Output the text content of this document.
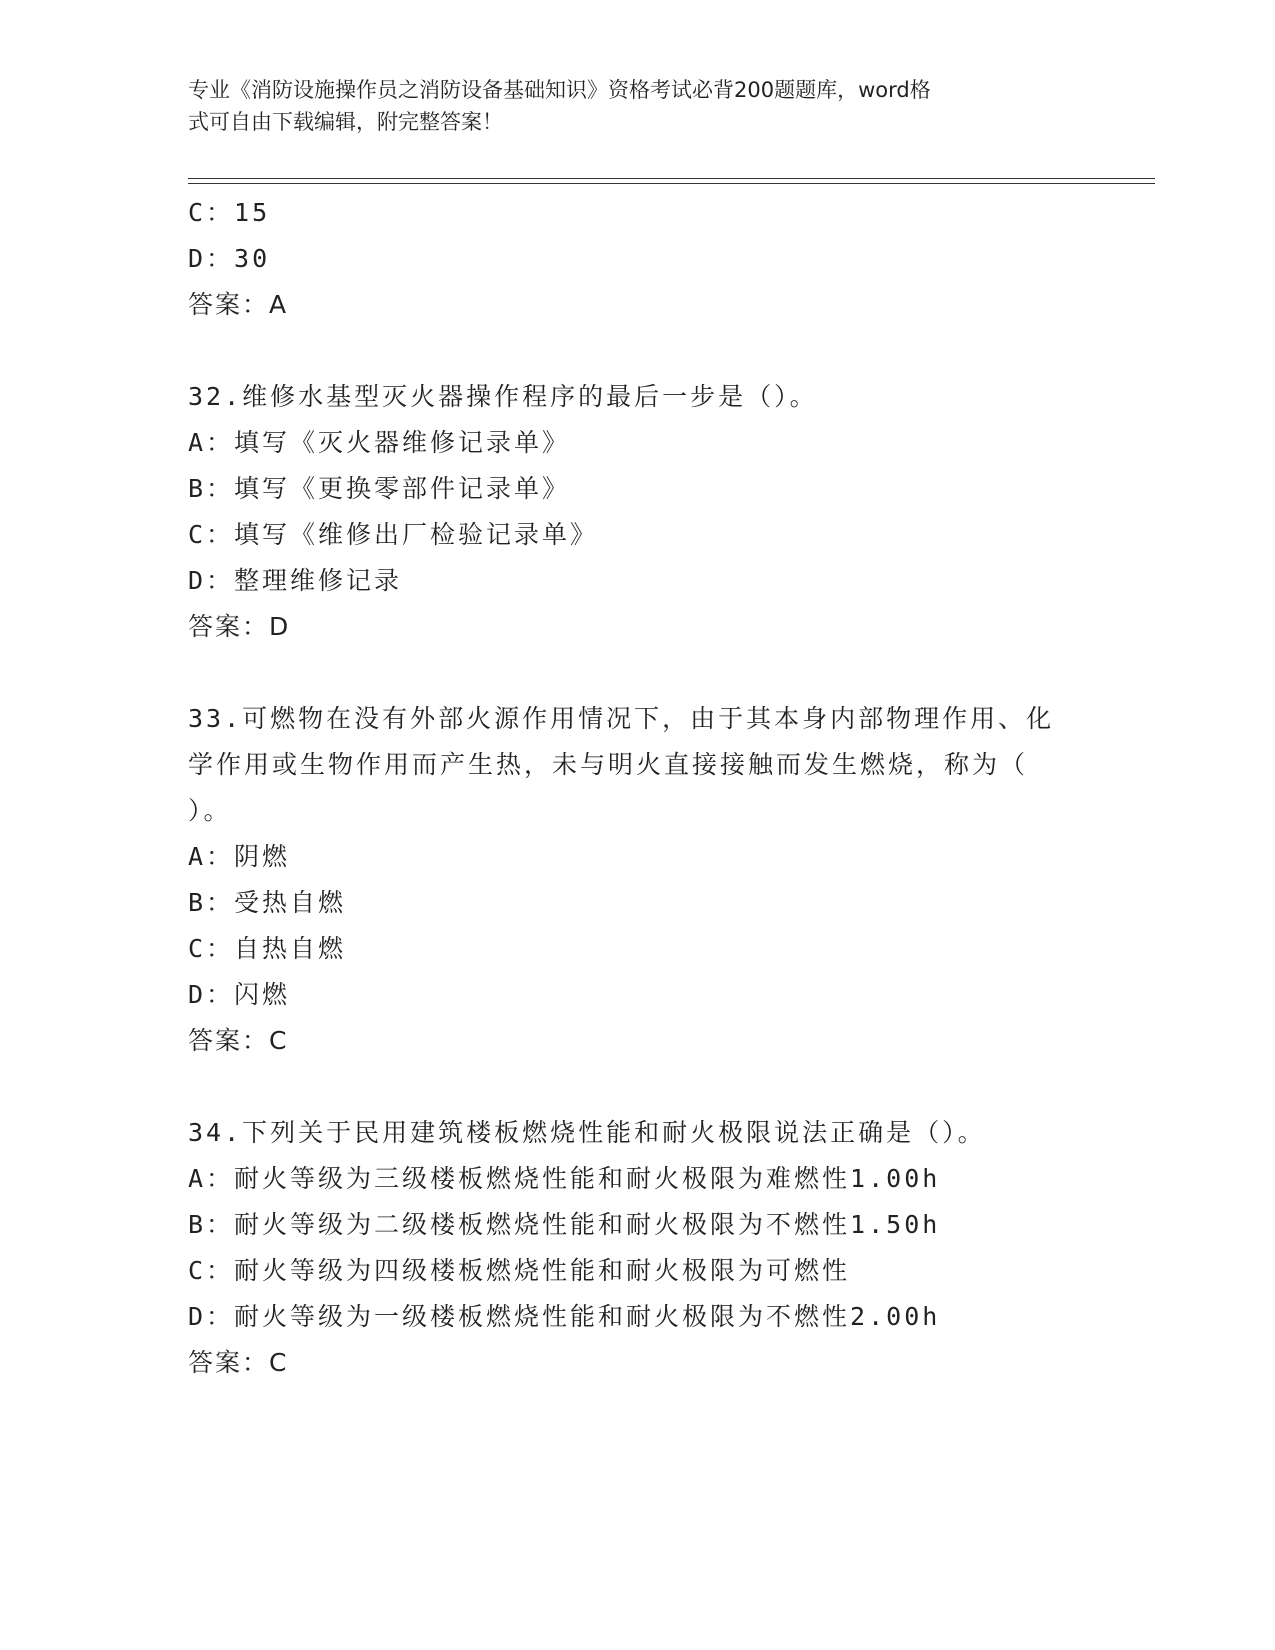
专业《消防设施操作员之消防设备基础知识》资格考试必背200题题库，word格
式可自由下载编辑，附完整答案！
C：15
D：30
答案：A
32.维修水基型灭火器操作程序的最后一步是（）。
A：填写《灭火器维修记录单》
B：填写《更换零部件记录单》
C：填写《维修出厂检验记录单》
D：整理维修记录
答案：D
33.可燃物在没有外部火源作用情况下，由于其本身内部物理作用、化
学作用或生物作用而产生热，未与明火直接接触而发生燃烧，称为（
）。
A：阴燃
B：受热自燃
C：自热自燃
D：闪燃
答案：C
34.下列关于民用建筑楼板燃烧性能和耐火极限说法正确是（）。
A：耐火等级为三级楼板燃烧性能和耐火极限为难燃性1.00h
B：耐火等级为二级楼板燃烧性能和耐火极限为不燃性1.50h
C：耐火等级为四级楼板燃烧性能和耐火极限为可燃性
D：耐火等级为一级楼板燃烧性能和耐火极限为不燃性2.00h
答案：C
